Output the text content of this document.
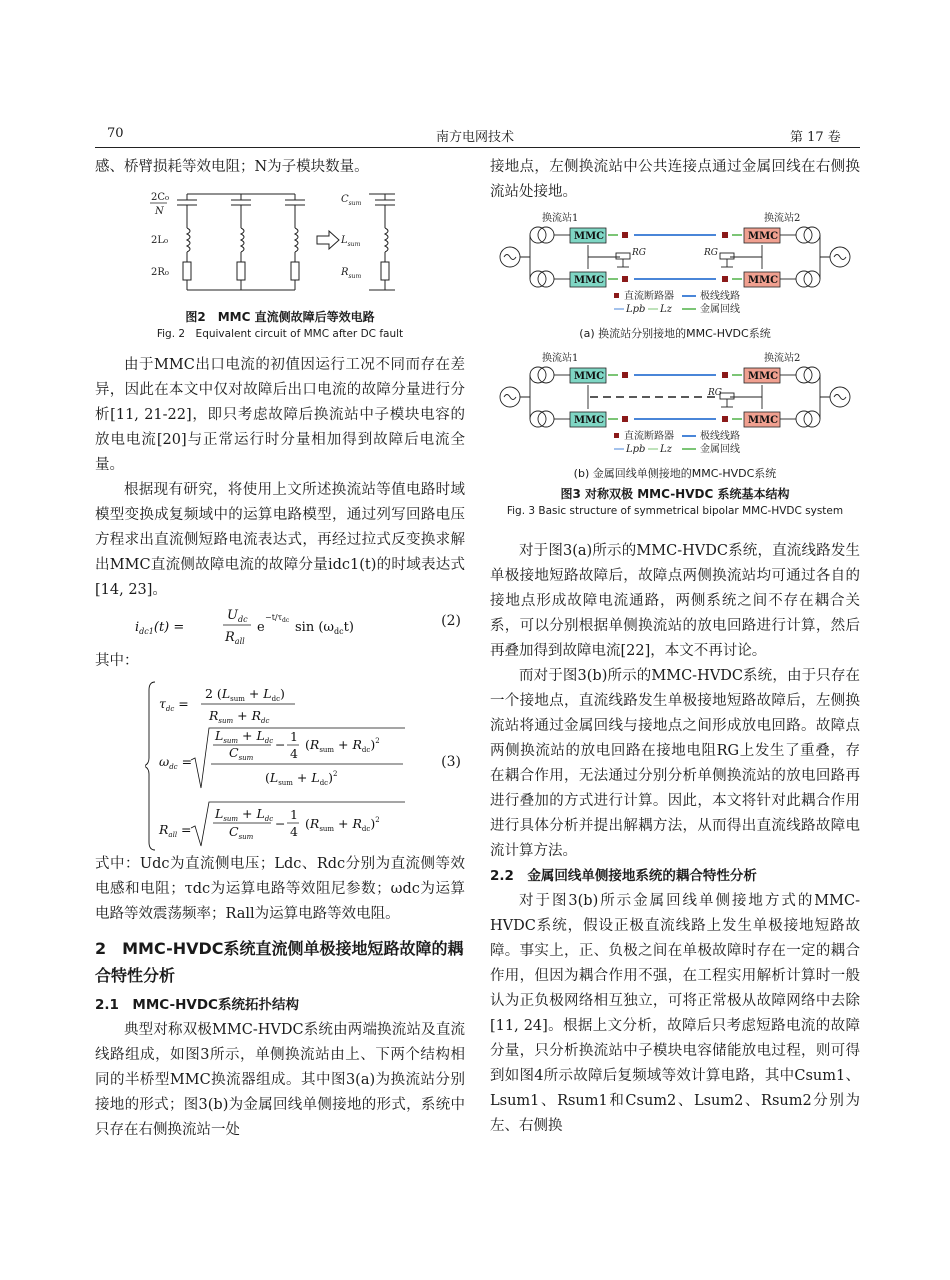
70	南方电网技术	第 17 卷

感、桥臂损耗等效电阻；N为子模块数量。

2C₀
N
2L₀
2R₀
$C_{sum}$
$L_{sum}$
$R_{sum}$
图2　MMC 直流侧故障后等效电路
Fig. 2　Equivalent circuit of MMC after DC fault

由于MMC出口电流的初值因运行工况不同而存在差异，因此在本文中仅对故障后出口电流的故障分量进行分析[11, 21-22]，即只考虑故障后换流站中子模块电容的放电电流[20]与正常运行时分量相加得到故障后电流全量。

根据现有研究，将使用上文所述换流站等值电路时域模型变换成复频域中的运算电路模型，通过列写回路电压方程求出直流侧短路电流表达式，再经过拉式反变换求解出MMC直流侧故障电流的故障分量idc1(t)的时域表达式[14, 23]。

$i_{dc1}(t)$ =
$U_{dc}$
$R_{all}$
e
$-t/\tau_{dc}$ $\sin (\omega_{dc}t)$	(2)

其中：

$\tau_{dc}$ =
2 $(L_{sum} + L_{dc})$
$R_{sum} + R_{dc}$
$\omega_{dc}$ =
$L_{sum} + L_{dc}$
$C_{sum}$
−
1
4
$(R_{sum} + R_{dc})^2$
$(L_{sum} + L_{dc})^2$
$R_{all}$ =
$L_{sum} + L_{dc}$
$C_{sum}$
−
1
4
$(R_{sum} + R_{dc})^2$
(3)

式中：Udc为直流侧电压；Ldc、Rdc分别为直流侧等效电感和电阻；τdc为运算电路等效阻尼参数；ωdc为运算电路等效震荡频率；Rall为运算电路等效电阻。

2　MMC-HVDC系统直流侧单极接地短路故障的耦合特性分析
2.1　MMC-HVDC系统拓扑结构

典型对称双极MMC-HVDC系统由两端换流站及直流线路组成，如图3所示，单侧换流站由上、下两个结构相同的半桥型MMC换流器组成。其中图3(a)为换流站分别接地的形式；图3(b)为金属回线单侧接地的形式，系统中只存在右侧换流站一处

接地点，左侧换流站中公共连接点通过金属回线在右侧换流站处接地。

换流站1	换流站2
MMC
MMC
MMC
MMC
RG	RG
直流断路器	极线线路
Lpb Lz	金属回线
(a) 换流站分别接地的MMC-HVDC系统
换流站1	换流站2
MMC
MMC
MMC
MMC
RG
直流断路器	极线线路
Lpb Lz	金属回线
(b) 金属回线单侧接地的MMC-HVDC系统
图3 对称双极 MMC-HVDC 系统基本结构
Fig. 3 Basic structure of symmetrical bipolar MMC-HVDC system

对于图3(a)所示的MMC-HVDC系统，直流线路发生单极接地短路故障后，故障点两侧换流站均可通过各自的接地点形成故障电流通路，两侧系统之间不存在耦合关系，可以分别根据单侧换流站的放电回路进行计算，然后再叠加得到故障电流[22]，本文不再讨论。

而对于图3(b)所示的MMC-HVDC系统，由于只存在一个接地点，直流线路发生单极接地短路故障后，左侧换流站将通过金属回线与接地点之间形成放电回路。故障点两侧换流站的放电回路在接地电阻RG上发生了重叠，存在耦合作用，无法通过分别分析单侧换流站的放电回路再进行叠加的方式进行计算。因此，本文将针对此耦合作用进行具体分析并提出解耦方法，从而得出直流线路故障电流计算方法。

2.2　金属回线单侧接地系统的耦合特性分析

对于图3(b)所示金属回线单侧接地方式的MMC-HVDC系统，假设正极直流线路上发生单极接地短路故障。事实上，正、负极之间在单极故障时存在一定的耦合作用，但因为耦合作用不强，在工程实用解析计算时一般认为正负极网络相互独立，可将正常极从故障网络中去除[11, 24]。根据上文分析，故障后只考虑短路电流的故障分量，只分析换流站中子模块电容储能放电过程，则可得到如图4所示故障后复频域等效计算电路，其中Csum1、Lsum1、Rsum1和Csum2、Lsum2、Rsum2分别为左、右侧换
